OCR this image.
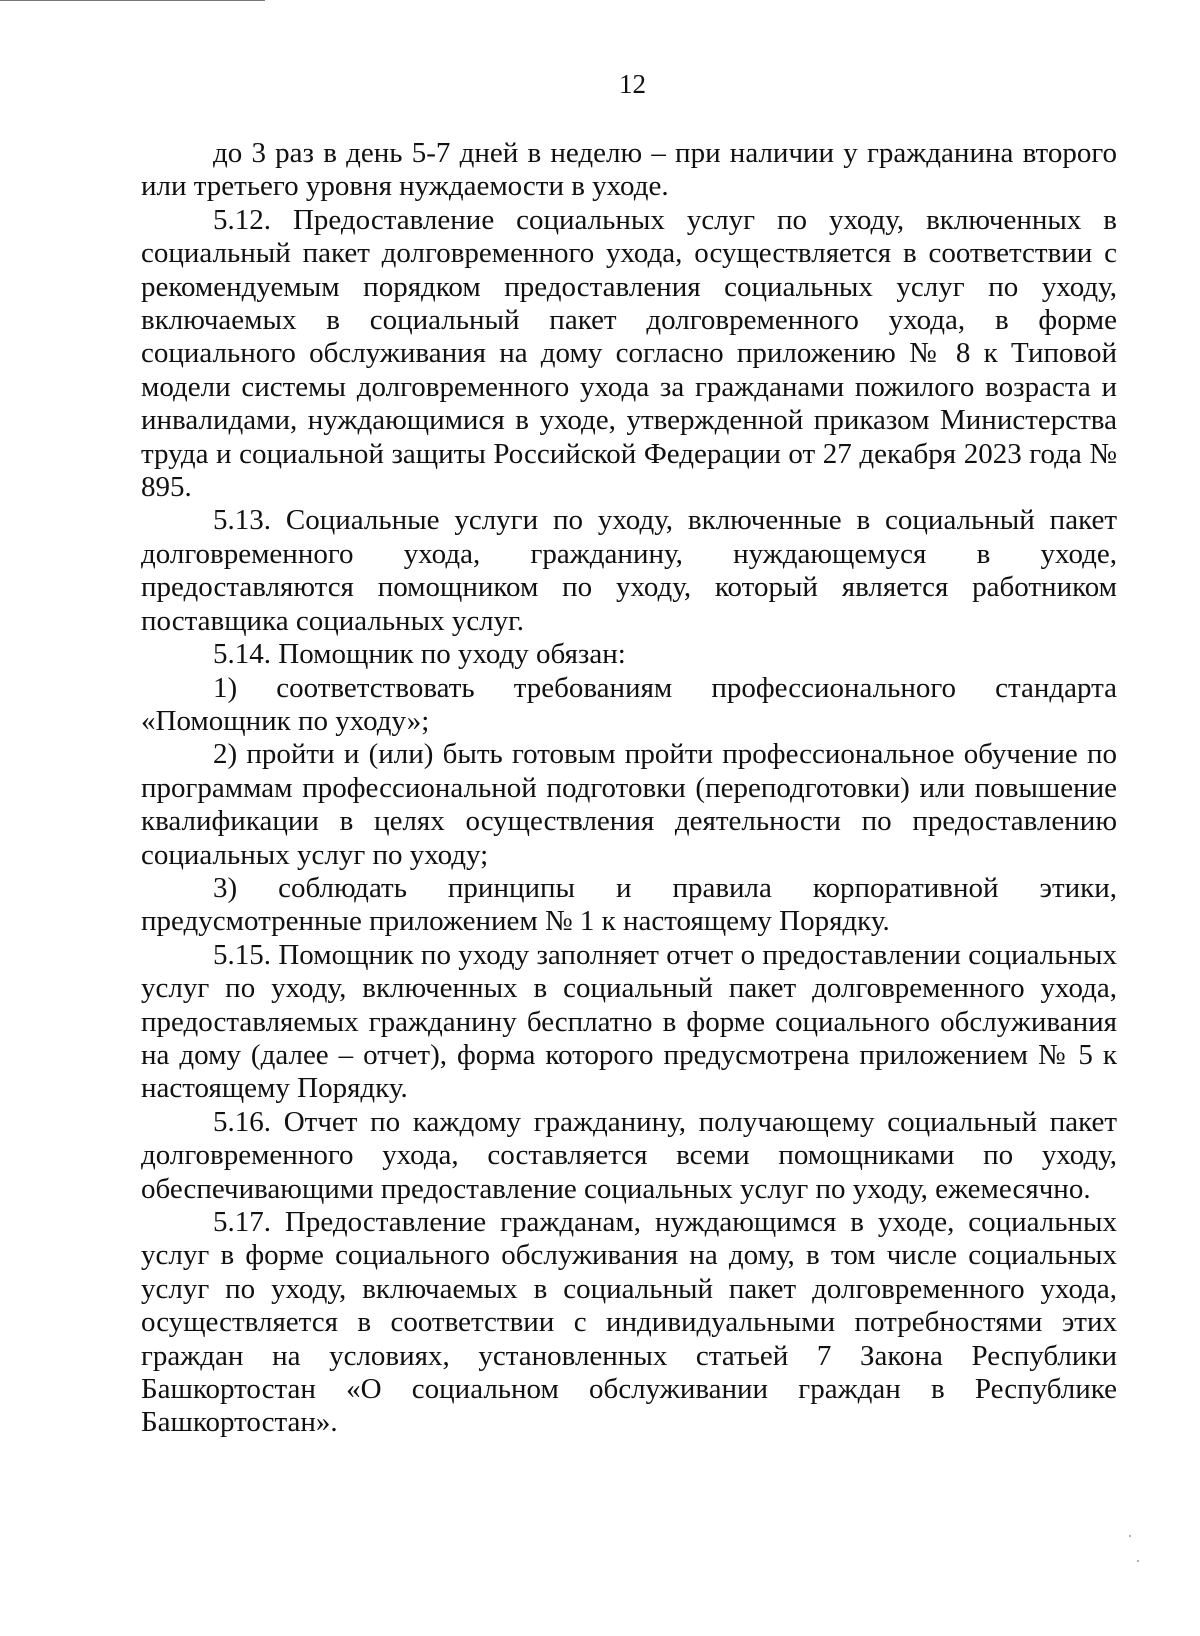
12

до 3 раз в день 5-7 дней в неделю – при наличии у гражданина второго или третьего уровня нуждаемости в уходе.

5.12. Предоставление социальных услуг по уходу, включенных в социальный пакет долговременного ухода, осуществляется в соответствии с рекомендуемым порядком предоставления социальных услуг по уходу, включаемых в социальный пакет долговременного ухода, в форме социального обслуживания на дому согласно приложению № 8 к Типовой модели системы долговременного ухода за гражданами пожилого возраста и инвалидами, нуждающимися в уходе, утвержденной приказом Министерства труда и социальной защиты Российской Федерации от 27 декабря 2023 года № 895.

5.13. Социальные услуги по уходу, включенные в социальный пакет долговременного ухода, гражданину, нуждающемуся в уходе, предоставляются помощником по уходу, который является работником поставщика социальных услуг.

5.14. Помощник по уходу обязан:

1) соответствовать требованиям профессионального стандарта «Помощник по уходу»;

2) пройти и (или) быть готовым пройти профессиональное обучение по программам профессиональной подготовки (переподготовки) или повышение квалификации в целях осуществления деятельности по предоставлению социальных услуг по уходу;

3) соблюдать принципы и правила корпоративной этики, предусмотренные приложением № 1 к настоящему Порядку.

5.15. Помощник по уходу заполняет отчет о предоставлении социальных услуг по уходу, включенных в социальный пакет долговременного ухода, предоставляемых гражданину бесплатно в форме социального обслуживания на дому (далее – отчет), форма которого предусмотрена приложением № 5 к настоящему Порядку.

5.16. Отчет по каждому гражданину, получающему социальный пакет долговременного ухода, составляется всеми помощниками по уходу, обеспечивающими предоставление социальных услуг по уходу, ежемесячно.

5.17. Предоставление гражданам, нуждающимся в уходе, социальных услуг в форме социального обслуживания на дому, в том числе социальных услуг по уходу, включаемых в социальный пакет долговременного ухода, осуществляется в соответствии с индивидуальными потребностями этих граждан на условиях, установленных статьей 7 Закона Республики Башкортостан «О социальном обслуживании граждан в Республике Башкортостан».
